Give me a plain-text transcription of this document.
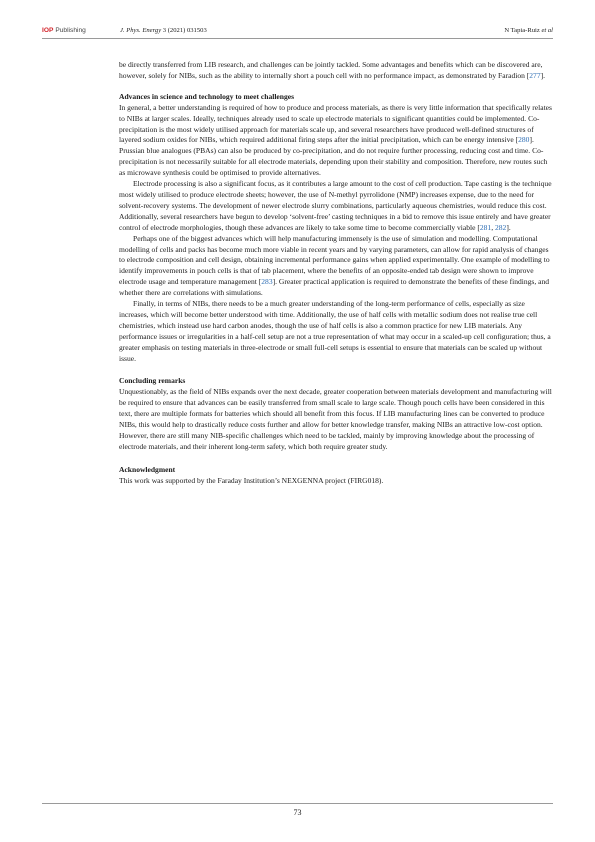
IOP Publishing	J. Phys. Energy 3 (2021) 031503	N Tapia-Ruiz et al

be directly transferred from LIB research, and challenges can be jointly tackled. Some advantages and benefits which can be discovered are, however, solely for NIBs, such as the ability to internally short a pouch cell with no performance impact, as demonstrated by Faradion [277].

Advances in science and technology to meet challenges

In general, a better understanding is required of how to produce and process materials, as there is very little information that specifically relates to NIBs at larger scales. Ideally, techniques already used to scale up electrode materials to significant quantities could be implemented. Co-precipitation is the most widely utilised approach for materials scale up, and several researchers have produced well-defined structures of layered sodium oxides for NIBs, which required additional firing steps after the initial precipitation, which can be energy intensive [280]. Prussian blue analogues (PBAs) can also be produced by co-precipitation, and do not require further processing, reducing cost and time. Co-precipitation is not necessarily suitable for all electrode materials, depending upon their stability and composition. Therefore, new routes such as microwave synthesis could be optimised to provide alternatives.

Electrode processing is also a significant focus, as it contributes a large amount to the cost of cell production. Tape casting is the technique most widely utilised to produce electrode sheets; however, the use of N-methyl pyrrolidone (NMP) increases expense, due to the need for solvent-recovery systems. The development of newer electrode slurry combinations, particularly aqueous chemistries, would reduce this cost. Additionally, several researchers have begun to develop ‘solvent-free’ casting techniques in a bid to remove this issue entirely and have greater control of electrode morphologies, though these advances are likely to take some time to become commercially viable [281, 282].

Perhaps one of the biggest advances which will help manufacturing immensely is the use of simulation and modelling. Computational modelling of cells and packs has become much more viable in recent years and by varying parameters, can allow for rapid analysis of changes to electrode composition and cell design, obtaining incremental performance gains when applied experimentally. One example of modelling to identify improvements in pouch cells is that of tab placement, where the benefits of an opposite-ended tab design were shown to improve electrode usage and temperature management [283]. Greater practical application is required to demonstrate the benefits of these findings, and whether there are correlations with simulations.

Finally, in terms of NIBs, there needs to be a much greater understanding of the long-term performance of cells, especially as size increases, which will become better understood with time. Additionally, the use of half cells with metallic sodium does not realise true cell chemistries, which instead use hard carbon anodes, though the use of half cells is also a common practice for new LIB materials. Any performance issues or irregularities in a half-cell setup are not a true representation of what may occur in a scaled-up cell configuration; thus, a greater emphasis on testing materials in three-electrode or small full-cell setups is essential to ensure that materials can be scaled up without issue.

Concluding remarks

Unquestionably, as the field of NIBs expands over the next decade, greater cooperation between materials development and manufacturing will be required to ensure that advances can be easily transferred from small scale to large scale. Though pouch cells have been considered in this text, there are multiple formats for batteries which should all benefit from this focus. If LIB manufacturing lines can be converted to produce NIBs, this would help to drastically reduce costs further and allow for better knowledge transfer, making NIBs an attractive low-cost option. However, there are still many NIB-specific challenges which need to be tackled, mainly by improving knowledge about the processing of electrode materials, and their inherent long-term safety, which both require greater study.

Acknowledgment

This work was supported by the Faraday Institution’s NEXGENNA project (FIRG018).

73
